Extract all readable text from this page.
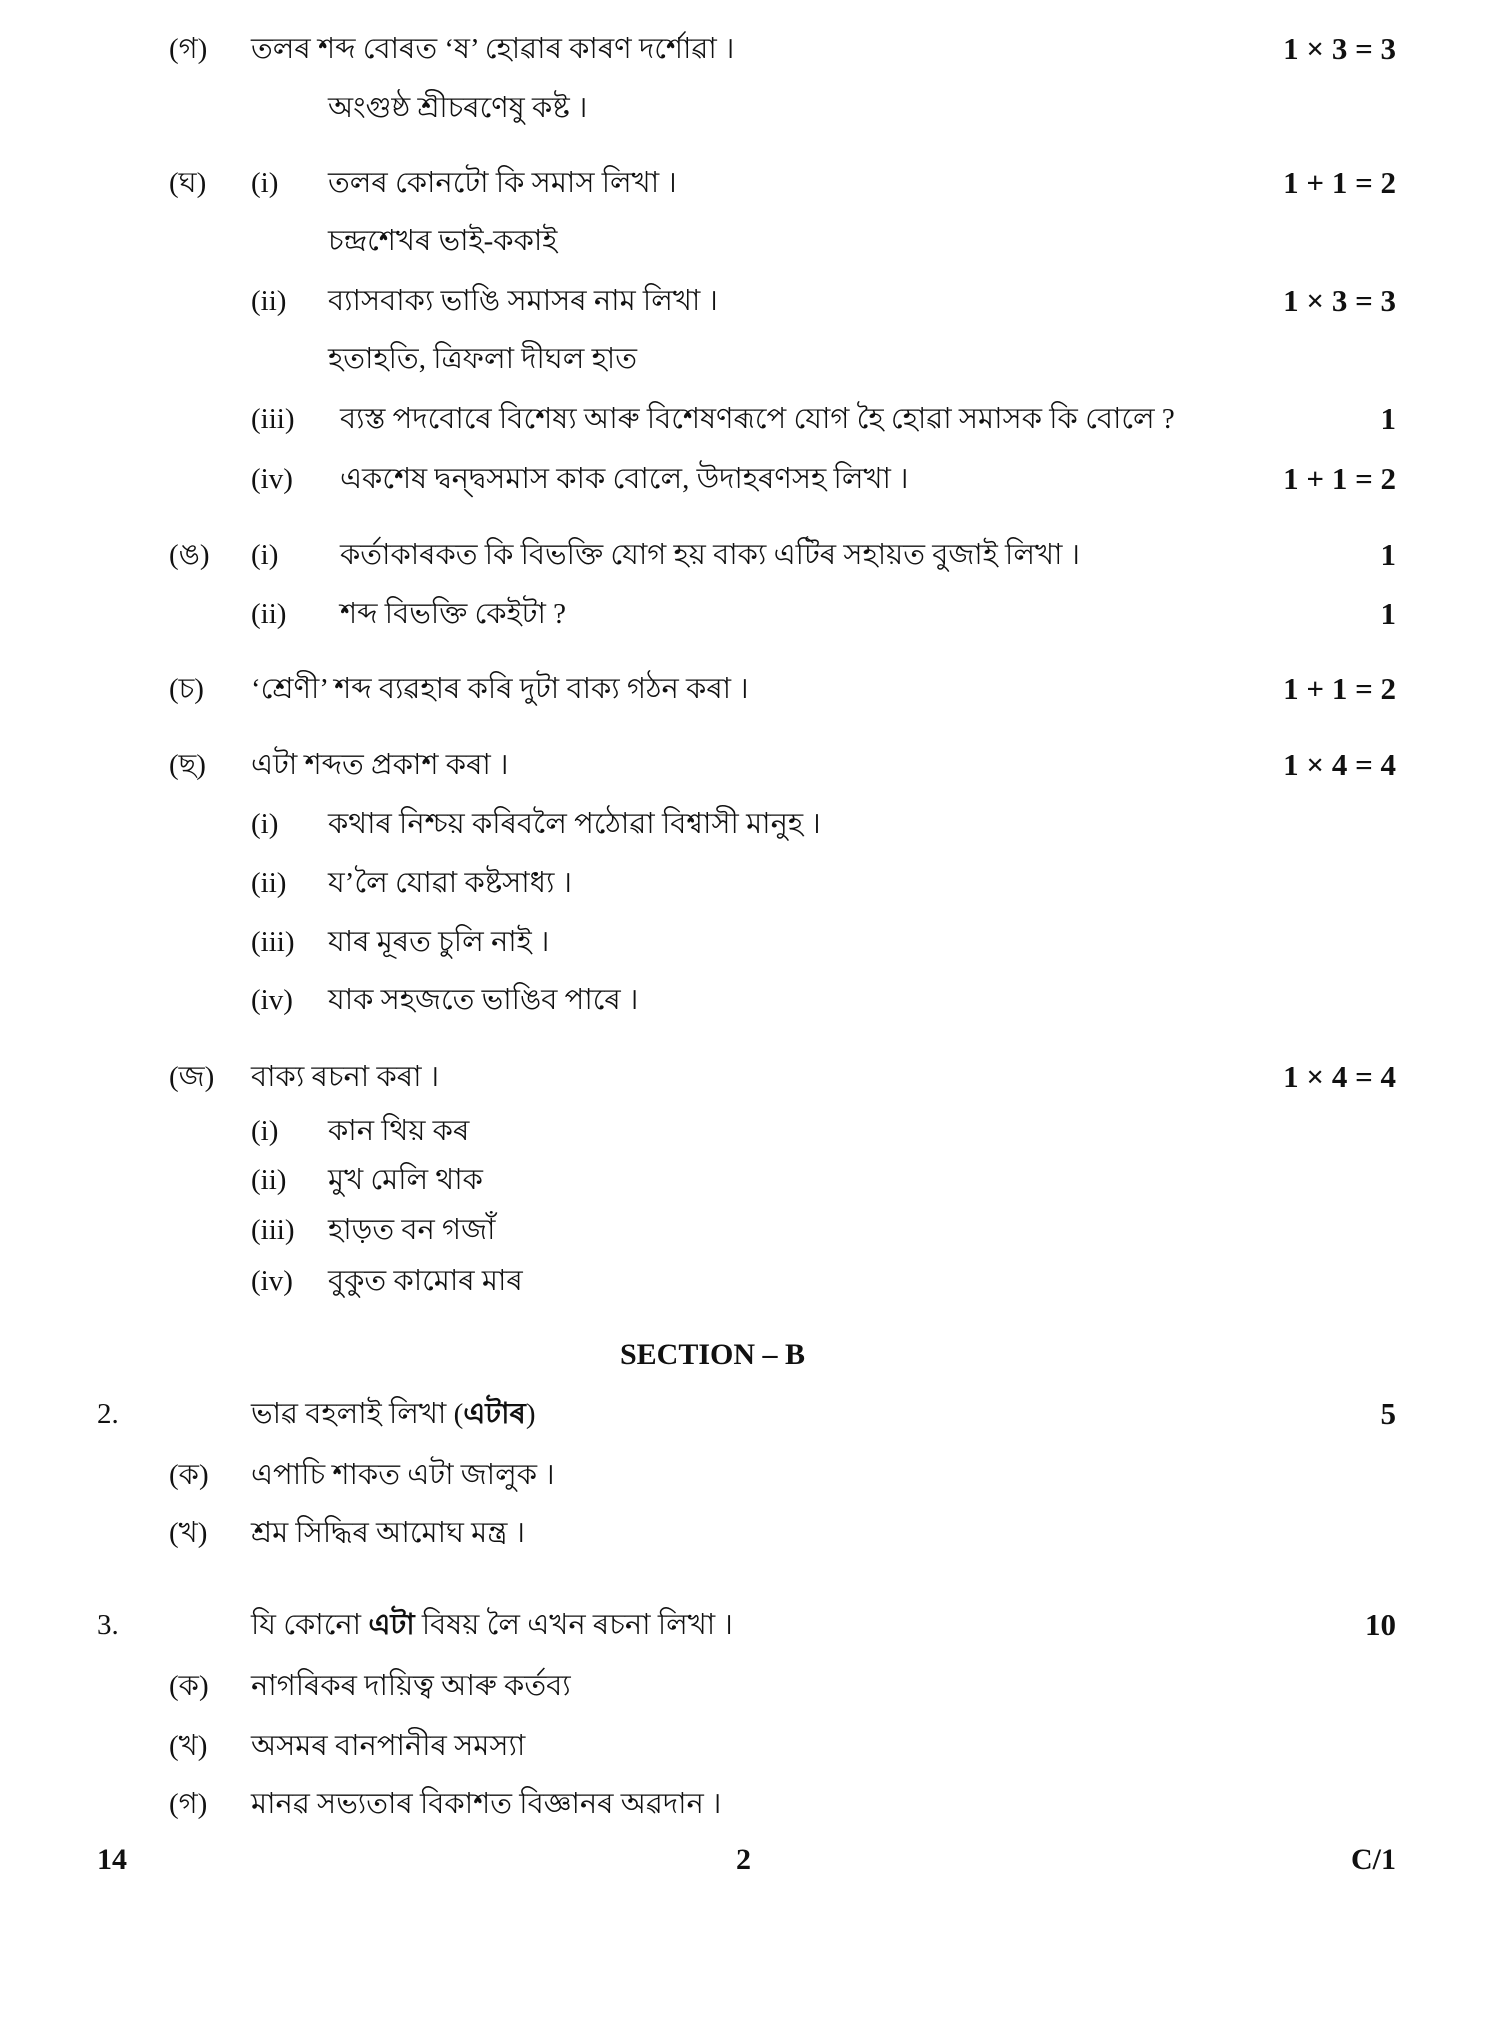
SECTION – B
14	2	C/1
(গ) তলৰ শব্দ বোৰত ‘ষ’ হোৱাৰ কাৰণ দৰ্শোৱা ।	1 × 3 = 3
অংগুষ্ঠ শ্ৰীচৰণেষু কষ্ট ।
(ঘ) (i) তলৰ কোনটো কি সমাস লিখা ।	1 + 1 = 2
চন্দ্ৰশেখৰ ভাই-ককাই
(ii) ব্যাসবাক্য ভাঙি সমাসৰ নাম লিখা ।	1 × 3 = 3
হতাহতি, ত্ৰিফলা দীঘল হাত
(iii) ব্যস্ত পদবোৰে বিশেষ্য আৰু বিশেষণৰূপে যোগ হৈ হোৱা সমাসক কি বোলে ?	1
(iv) একশেষ দ্বন্দ্বসমাস কাক বোলে, উদাহৰণসহ লিখা ।	1 + 1 = 2
(ঙ) (i) কৰ্তাকাৰকত কি বিভক্তি যোগ হয় বাক্য এটিৰ সহায়ত বুজাই লিখা ।	1
(ii) শব্দ বিভক্তি কেইটা ?	1
(চ) ‘শ্ৰেণী’ শব্দ ব্যৱহাৰ কৰি দুটা বাক্য গঠন কৰা ।	1 + 1 = 2
(ছ) এটা শব্দত প্ৰকাশ কৰা ।	1 × 4 = 4
(i) কথাৰ নিশ্চয় কৰিবলৈ পঠোৱা বিশ্বাসী মানুহ ।
(ii) য’লৈ যোৱা কষ্টসাধ্য ।
(iii) যাৰ মূৰত চুলি নাই ।
(iv) যাক সহজতে ভাঙিব পাৰে ।
(জ) বাক্য ৰচনা কৰা ।	1 × 4 = 4
(i) কান থিয় কৰ
(ii) মুখ মেলি থাক
(iii) হাড়ত বন গজাঁ
(iv) বুকুত কামোৰ মাৰ
2.	ভাৱ বহলাই লিখা (এটাৰ)	5
(ক) এপাচি শাকত এটা জালুক ।
(খ) শ্ৰম সিদ্ধিৰ আমোঘ মন্ত্ৰ ।
3.	যি কোনো এটা বিষয় লৈ এখন ৰচনা লিখা ।	10
(ক) নাগৰিকৰ দায়িত্ব আৰু কৰ্তব্য
(খ) অসমৰ বানপানীৰ সমস্যা
(গ) মানৱ সভ্যতাৰ বিকাশত বিজ্ঞানৰ অৱদান ।
